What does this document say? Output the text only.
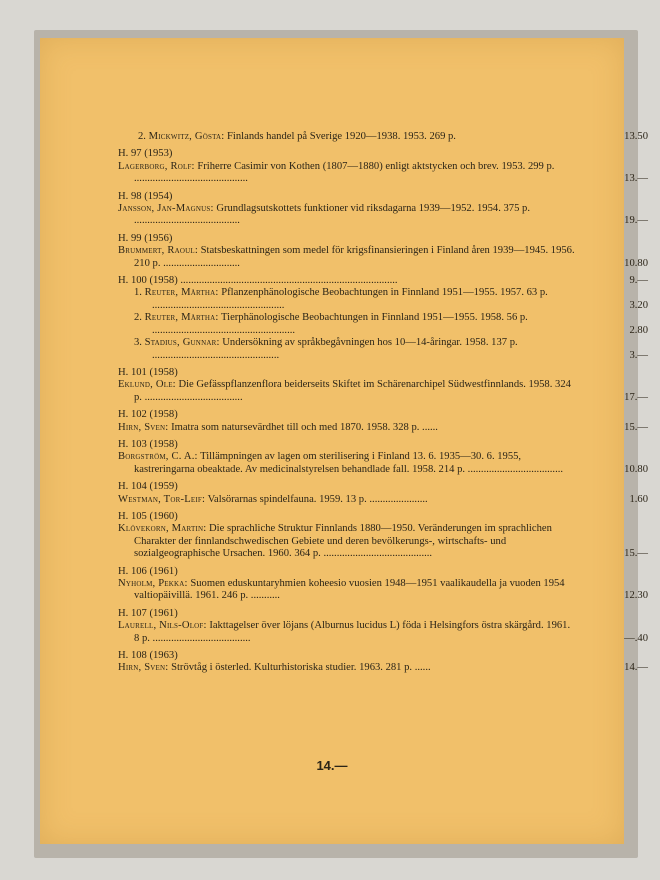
2. Mickwitz, Gösta: Finlands handel på Sverige 1920—1938. 1953. 269 p.	13.50
H. 97 (1953)
Lagerborg, Rolf: Friherre Casimir von Kothen (1807—1880) enligt aktstycken och brev. 1953. 299 p. ...........................................	13.—
H. 98 (1954)
Jansson, Jan-Magnus: Grundlagsutskottets funktioner vid riksdagarna 1939—1952. 1954. 375 p. ........................................	19.—
H. 99 (1956)
Brummert, Raoul: Statsbeskattningen som medel för krigsfinansieringen i Finland åren 1939—1945. 1956. 210 p. .............................	10.80
H. 100 (1958) ..................................................................................	9.—
1. Reuter, Mårtha: Pflanzenphänologische Beobachtungen in Finnland 1951—1955. 1957. 63 p. ..................................................	3.20
2. Reuter, Mårtha: Tierphänologische Beobachtungen in Finnland 1951—1955. 1958. 56 p. ......................................................	2.80
3. Stadius, Gunnar: Undersökning av språkbegåvningen hos 10—14-åringar. 1958. 137 p. ................................................	3.—
H. 101 (1958)
Eklund, Ole: Die Gefässpflanzenflora beiderseits Skiftet im Schärenarchipel Südwestfinnlands. 1958. 324 p. .....................................	17.—
H. 102 (1958)
Hirn, Sven: Imatra som natursevärdhet till och med 1870. 1958. 328 p. ......	15.—
H. 103 (1958)
Borgström, C. A.: Tillämpningen av lagen om sterilisering i Finland 13. 6. 1935—30. 6. 1955, kastreringarna obeaktade. Av medicinalstyrelsen behandlade fall. 1958. 214 p. ....................................	10.80
H. 104 (1959)
Westman, Tor-Leif: Valsörarnas spindelfauna. 1959. 13 p. ......................	1.60
H. 105 (1960)
Klövekorn, Martin: Die sprachliche Struktur Finnlands 1880—1950. Veränderungen im sprachlichen Charakter der finnlandschwedischen Gebiete und deren bevölkerungs-, wirtschafts- und sozialgeographische Ursachen. 1960. 364 p. .........................................	15.—
H. 106 (1961)
Nyholm, Pekka: Suomen eduskuntaryhmien koheesio vuosien 1948—1951 vaalikaudella ja vuoden 1954 valtiopäivillä. 1961. 246 p. ...........	12.30
H. 107 (1961)
Laurell, Nils-Olof: Iakttagelser över löjans (Alburnus lucidus L) föda i Helsingfors östra skärgård. 1961. 8 p. .....................................	—.40
H. 108 (1963)
Hirn, Sven: Strövtåg i österled. Kulturhistoriska studier. 1963. 281 p. ......	14.—
14.—
